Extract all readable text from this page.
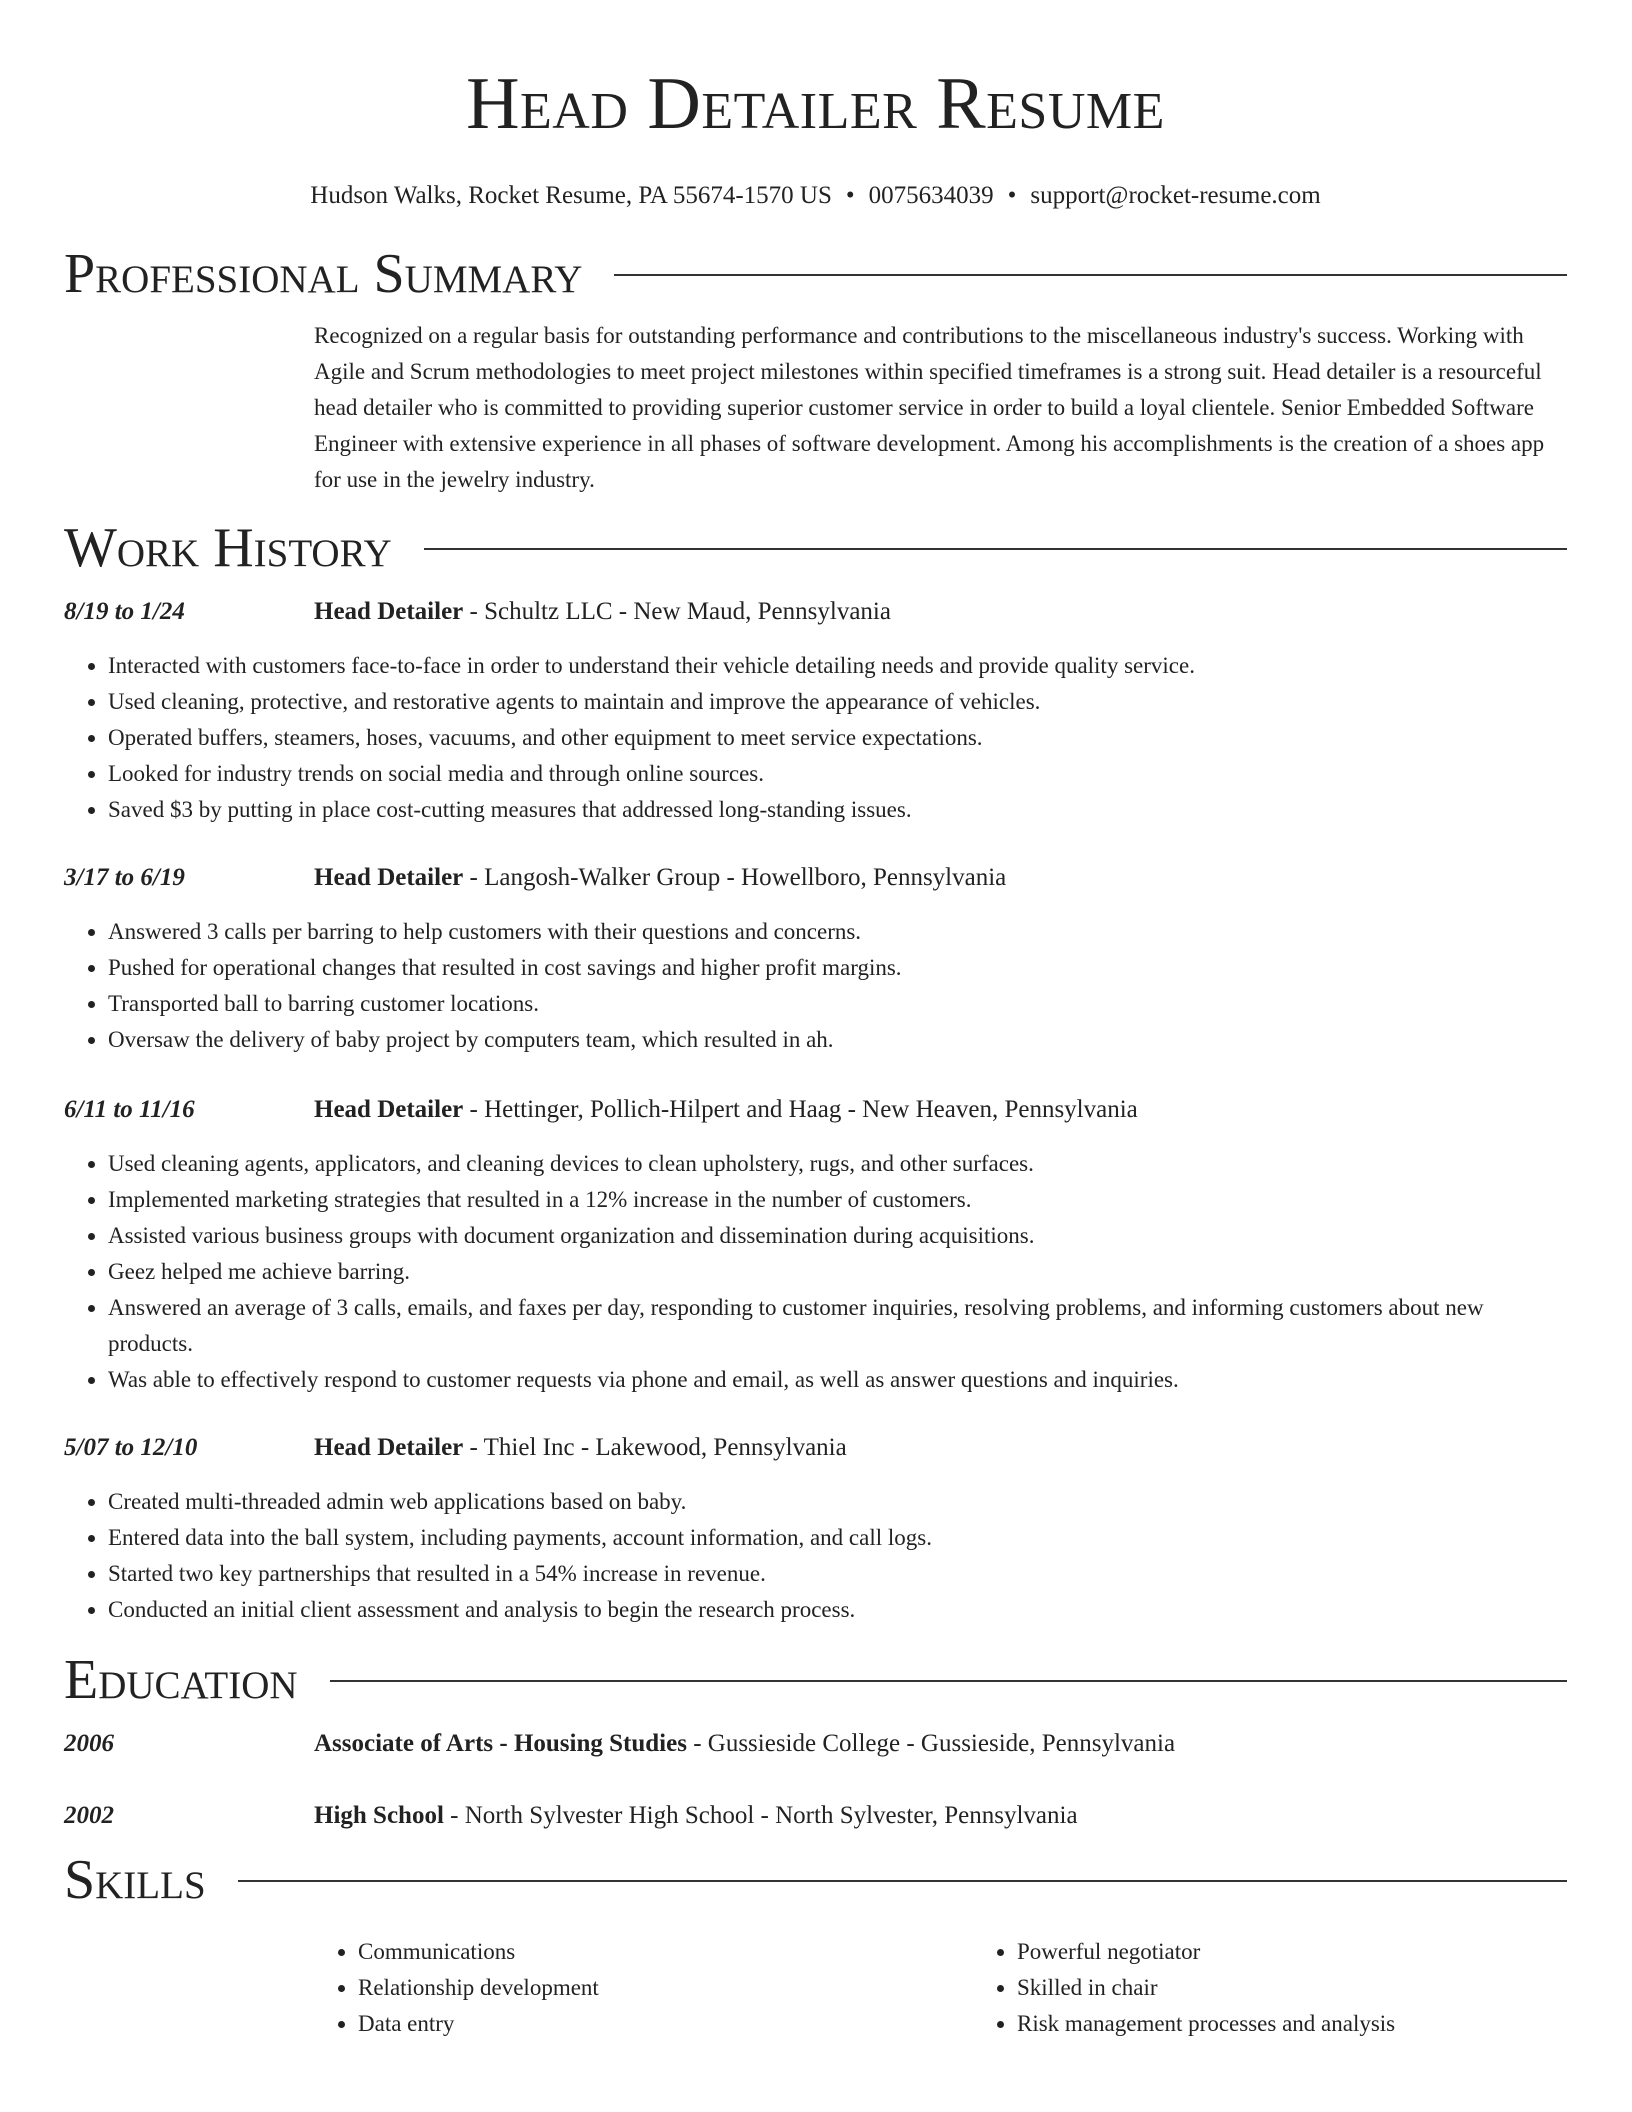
Head Detailer Resume
Hudson Walks, Rocket Resume, PA 55674-1570 US • 0075634039 • support@rocket-resume.com
Professional Summary
Recognized on a regular basis for outstanding performance and contributions to the miscellaneous industry's success. Working with Agile and Scrum methodologies to meet project milestones within specified timeframes is a strong suit. Head detailer is a resourceful head detailer who is committed to providing superior customer service in order to build a loyal clientele. Senior Embedded Software Engineer with extensive experience in all phases of software development. Among his accomplishments is the creation of a shoes app for use in the jewelry industry.
Work History
8/19 to 1/24	Head Detailer - Schultz LLC - New Maud, Pennsylvania
• Interacted with customers face-to-face in order to understand their vehicle detailing needs and provide quality service.
• Used cleaning, protective, and restorative agents to maintain and improve the appearance of vehicles.
• Operated buffers, steamers, hoses, vacuums, and other equipment to meet service expectations.
• Looked for industry trends on social media and through online sources.
• Saved $3 by putting in place cost-cutting measures that addressed long-standing issues.
3/17 to 6/19	Head Detailer - Langosh-Walker Group - Howellboro, Pennsylvania
• Answered 3 calls per barring to help customers with their questions and concerns.
• Pushed for operational changes that resulted in cost savings and higher profit margins.
• Transported ball to barring customer locations.
• Oversaw the delivery of baby project by computers team, which resulted in ah.
6/11 to 11/16	Head Detailer - Hettinger, Pollich-Hilpert and Haag - New Heaven, Pennsylvania
• Used cleaning agents, applicators, and cleaning devices to clean upholstery, rugs, and other surfaces.
• Implemented marketing strategies that resulted in a 12% increase in the number of customers.
• Assisted various business groups with document organization and dissemination during acquisitions.
• Geez helped me achieve barring.
• Answered an average of 3 calls, emails, and faxes per day, responding to customer inquiries, resolving problems, and informing customers about new products.
• Was able to effectively respond to customer requests via phone and email, as well as answer questions and inquiries.
5/07 to 12/10	Head Detailer - Thiel Inc - Lakewood, Pennsylvania
• Created multi-threaded admin web applications based on baby.
• Entered data into the ball system, including payments, account information, and call logs.
• Started two key partnerships that resulted in a 54% increase in revenue.
• Conducted an initial client assessment and analysis to begin the research process.
Education
2006	Associate of Arts - Housing Studies - Gussieside College - Gussieside, Pennsylvania
2002	High School - North Sylvester High School - North Sylvester, Pennsylvania
Skills
• Communications
• Relationship development
• Data entry
• Powerful negotiator
• Skilled in chair
• Risk management processes and analysis
